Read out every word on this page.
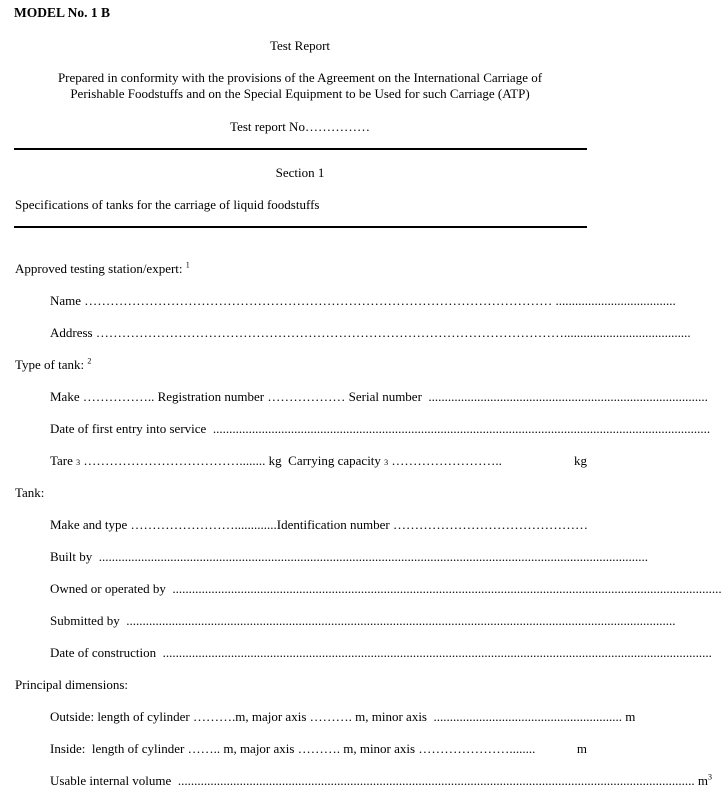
MODEL No. 1 B
Test Report
Prepared in conformity with the provisions of the Agreement on the International Carriage of
Perishable Foodstuffs and on the Special Equipment to be Used for such Carriage (ATP)
Test report No……………
Section 1
Specifications of tanks for the carriage of liquid foodstuffs
Approved testing station/expert: $^1$
Name
……………………………………………………………………………………………… .....................................
Address
……………………………………………………………………………………………….......................................
Type of tank: $^2$
Make
……………..
Registration number
………………
Serial number
......................................................................................
Date of first entry into service
.........................................................................................................................................................
Tare
3
………………………………........
kg
Carrying capacity
3
……………………..	kg
Tank:
Make and type
……………………............. Identification number
………………………………………
Built by
.........................................................................................................................................................................
Owned or operated by
.........................................................................................................................................................................
Submitted by
.........................................................................................................................................................................
Date of construction
.........................................................................................................................................................................
Principal dimensions:
Outside:
length of cylinder
………. m , major axis
……….
m , minor axis
..........................................................
m
Inside:
length of cylinder
……..
m , major axis
……….
m , minor axis
…………………........
	m
Usable internal volume
...............................................................................................................................................................
$m^3$
